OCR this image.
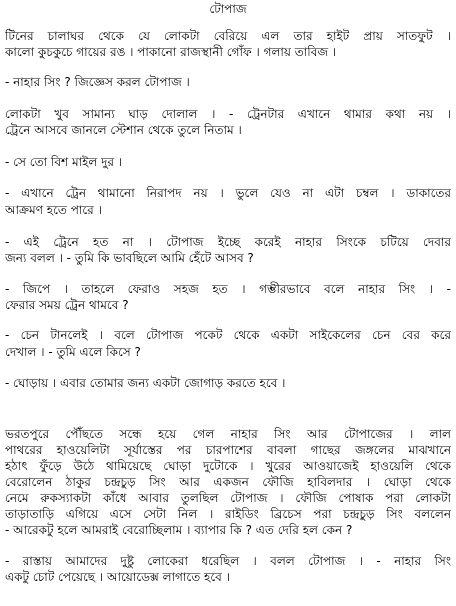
টোপাজ
টিনের চালাঘর থেকে যে লোকটা বেরিয়ে এল তার হাইট প্রায় সাতফুট ।
কালো কুচকুচে গায়ের রঙ । পাকানো রাজস্থানী গোঁফ । গলায় তাবিজ ।
- নাহার সিং ? জিজ্ঞেস করল টোপাজ ।
লোকটা খুব সামান্য ঘাড় দোলাল । - ট্রেনটার এখানে থামার কথা নয় ।
ট্রেনে আসবে জানলে স্টেশান থেকে তুলে নিতাম ।
- সে তো বিশ মাইল দুর ।
- এখানে ট্রেন থামানো নিরাপদ নয় । ভুলে যেও না এটা চম্বল । ডাকাতের
আক্রমণ হতে পারে ।
- এই ট্রেনে হত না । টোপাজ ইচ্ছে করেই নাহার সিংকে চটিয়ে দেবার
জন্য বলল । - তুমি কি ভাবছিলে আমি হেঁটে আসব ?
- জিপে । তাহলে ফেরাও সহজ হত । গম্ভীরভাবে বলে নাহার সিং । -
ফেরার সময় ট্রেন থামবে ?
- চেন টানলেই । বলে টোপাজ পকেট থেকে একটা সাইকেলের চেন বের করে
দেখাল । - তুমি এলে কিসে ?
- ঘোড়ায় । এবার তোমার জন্য একটা জোগাড় করতে হবে ।
ভরতপুরে পৌঁছতে সন্ধে হয়ে গেল নাহার সিং আর টোপাজের । লাল
পাথরের হাওয়েলিটা সূর্যাস্তের পর চারপাশের বাবলা গাছের জঙ্গলের মাঝখানে
হঠাৎ ফুঁড়ে উঠে থামিয়েছে ঘোড়া দুটোকে । খুরের আওয়াজেই হাওয়েলি থেকে
বেরোলেন ঠাকুর চন্দ্রচুড় সিং আর একজন ফৌজি হাবিলদার । ঘোড়া থেকে
নেমে রুকস্যাকটা কাঁধে আবার তুলছিল টোপাজ । ফৌজি পোষাক পরা লোকটা
তাড়াতাড়ি এগিয়ে এসে সেটা নিল । রাইডিং ব্রিচেস পরা চন্দ্রচুড় সিং বললেন
- আরেকটু হলে আমরাই বেরোচ্ছিলাম । ব্যাপার কি ? এত দেরি হল কেন ?
- রাস্তায় আমাদের দুষ্টু লোকেরা ধরেছিল । বলল টোপাজ । - নাহার সিং
একটু চোট পেয়েছে । আয়োডেক্স লাগাতে হবে ।
